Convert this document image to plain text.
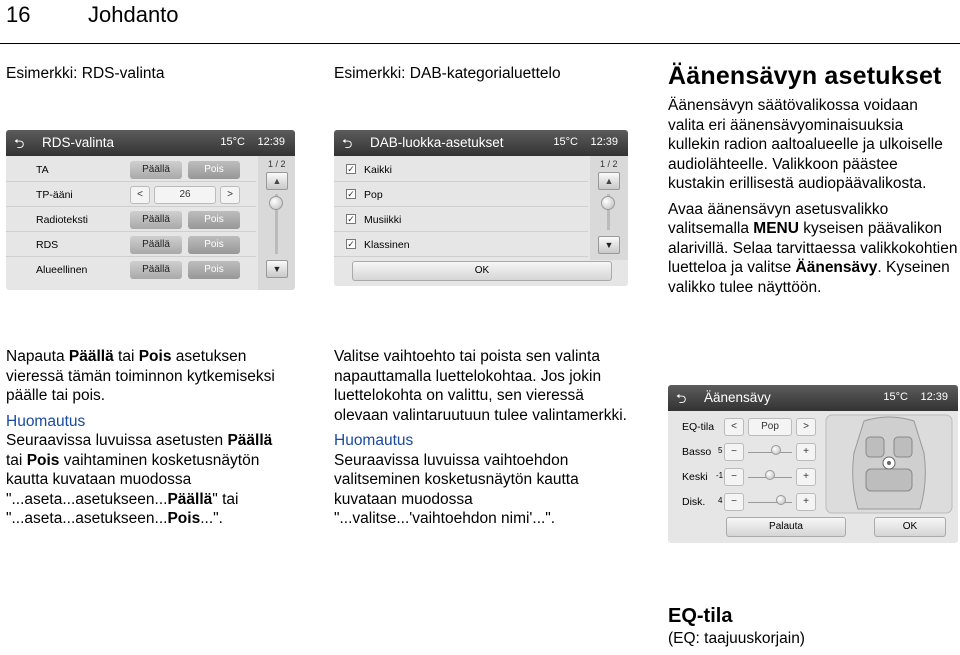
16	Johdanto
Esimerkki: RDS-valinta
⮌ RDS-valinta	15°C 12:39
TA	Päällä	Pois
TP-ääni	<	26	>
Radioteksti	Päällä	Pois
RDS	Päällä	Pois
Alueellinen	Päällä	Pois
1 / 2
▲
▼

Napauta Päällä tai Pois asetuksen vieressä tämän toiminnon kytkemiseksi päälle tai pois.

Huomautus
Seuraavissa luvuissa asetusten Päällä tai Pois vaihtaminen kosketusnäytön kautta kuvataan muodossa "...aseta...asetukseen...Päällä" tai "...aseta...asetukseen...Pois...".

Esimerkki: DAB-kategorialuettelo
⮌ DAB-luokka-asetukset	15°C 12:39
✓ Kaikki
✓ Pop
✓ Musiikki
✓ Klassinen
1 / 2
▲
▼
OK

Valitse vaihtoehto tai poista sen valinta napauttamalla luettelokohtaa. Jos jokin luettelokohta on valittu, sen vieressä olevaan valintaruutuun tulee valintamerkki.

Huomautus
Seuraavissa luvuissa vaihtoehdon valitseminen kosketusnäytön kautta kuvataan muodossa "...valitse...'vaihtoehdon nimi'...".

Äänensävyn asetukset

Äänensävyn säätövalikossa voidaan valita eri äänensävyominaisuuksia kullekin radion aaltoalueelle ja ulkoiselle audiolähteelle. Valikkoon päästee kustakin erillisestä audiopäävalikosta.

Avaa äänensävyn asetusvalikko valitsemalla MENU kyseisen päävalikon alarivillä. Selaa tarvittaessa valikkokohtien luetteloa ja valitse Äänensävy. Kyseinen valikko tulee näyttöön.

⮌ Äänensävy	15°C 12:39
EQ-tila	<	Pop	>
Basso 5 −	+
Keski -1 −	+
Disk. 4 −	+
Palauta	OK
EQ-tila
(EQ: taajuuskorjain)
